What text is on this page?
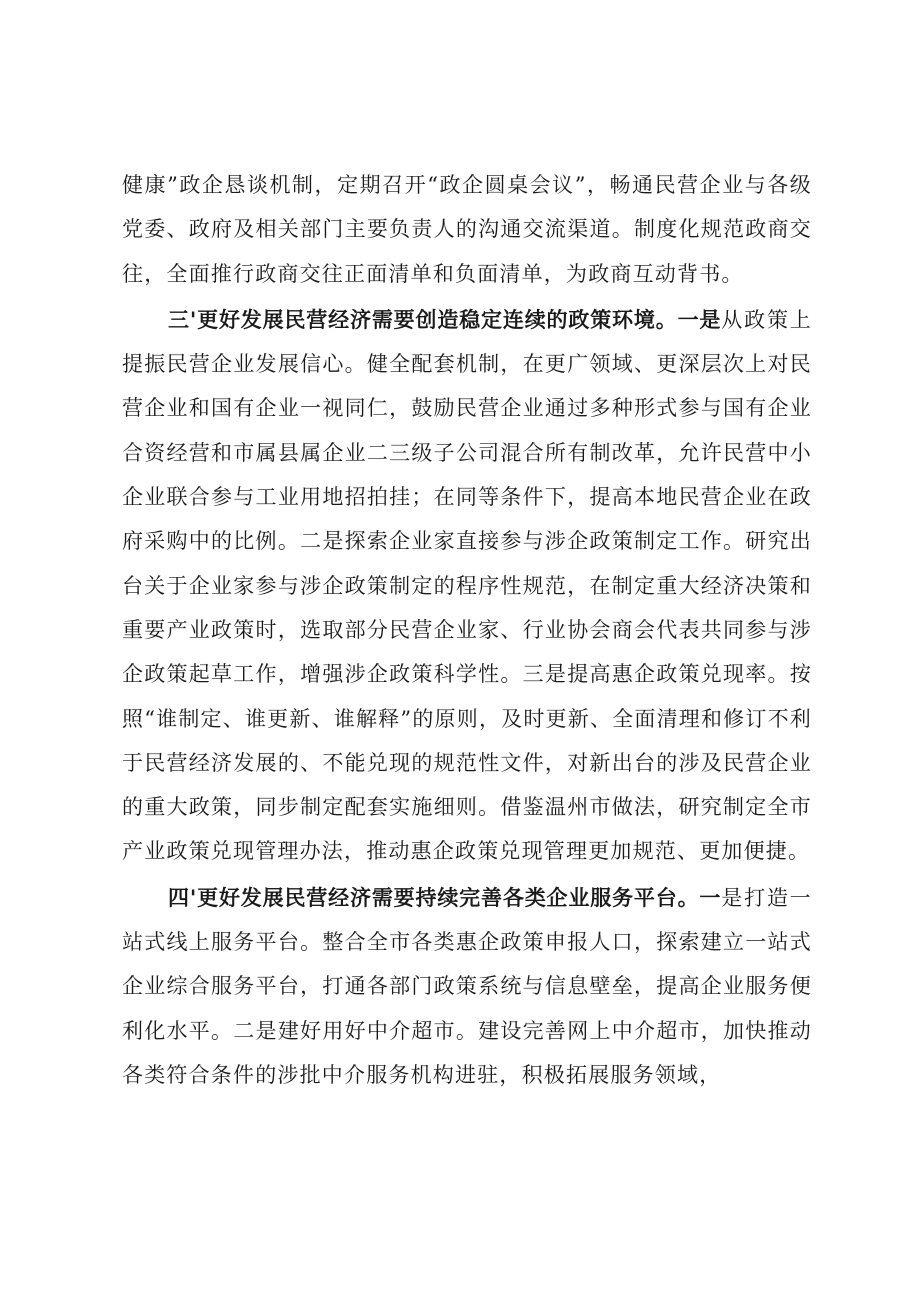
健康”政企恳谈机制，定期召开“政企圆桌会议”，畅通民营企业与各级党委、政府及相关部门主要负责人的沟通交流渠道。制度化规范政商交往，全面推行政商交往正面清单和负面清单，为政商互动背书。

三'更好发展民营经济需要创造稳定连续的政策环境。一是从政策上提振民营企业发展信心。健全配套机制，在更广领域、更深层次上对民营企业和国有企业一视同仁，鼓励民营企业通过多种形式参与国有企业合资经营和市属县属企业二三级子公司混合所有制改革，允许民营中小企业联合参与工业用地招拍挂；在同等条件下，提高本地民营企业在政府采购中的比例。二是探索企业家直接参与涉企政策制定工作。研究出台关于企业家参与涉企政策制定的程序性规范，在制定重大经济决策和重要产业政策时，选取部分民营企业家、行业协会商会代表共同参与涉企政策起草工作，增强涉企政策科学性。三是提高惠企政策兑现率。按照“谁制定、谁更新、谁解释”的原则，及时更新、全面清理和修订不利于民营经济发展的、不能兑现的规范性文件，对新出台的涉及民营企业的重大政策，同步制定配套实施细则。借鉴温州市做法，研究制定全市产业政策兑现管理办法，推动惠企政策兑现管理更加规范、更加便捷。

四'更好发展民营经济需要持续完善各类企业服务平台。一是打造一站式线上服务平台。整合全市各类惠企政策申报人口，探索建立一站式企业综合服务平台，打通各部门政策系统与信息壁垒，提高企业服务便利化水平。二是建好用好中介超市。建设完善网上中介超市，加快推动各类符合条件的涉批中介服务机构进驻，积极拓展服务领域，
